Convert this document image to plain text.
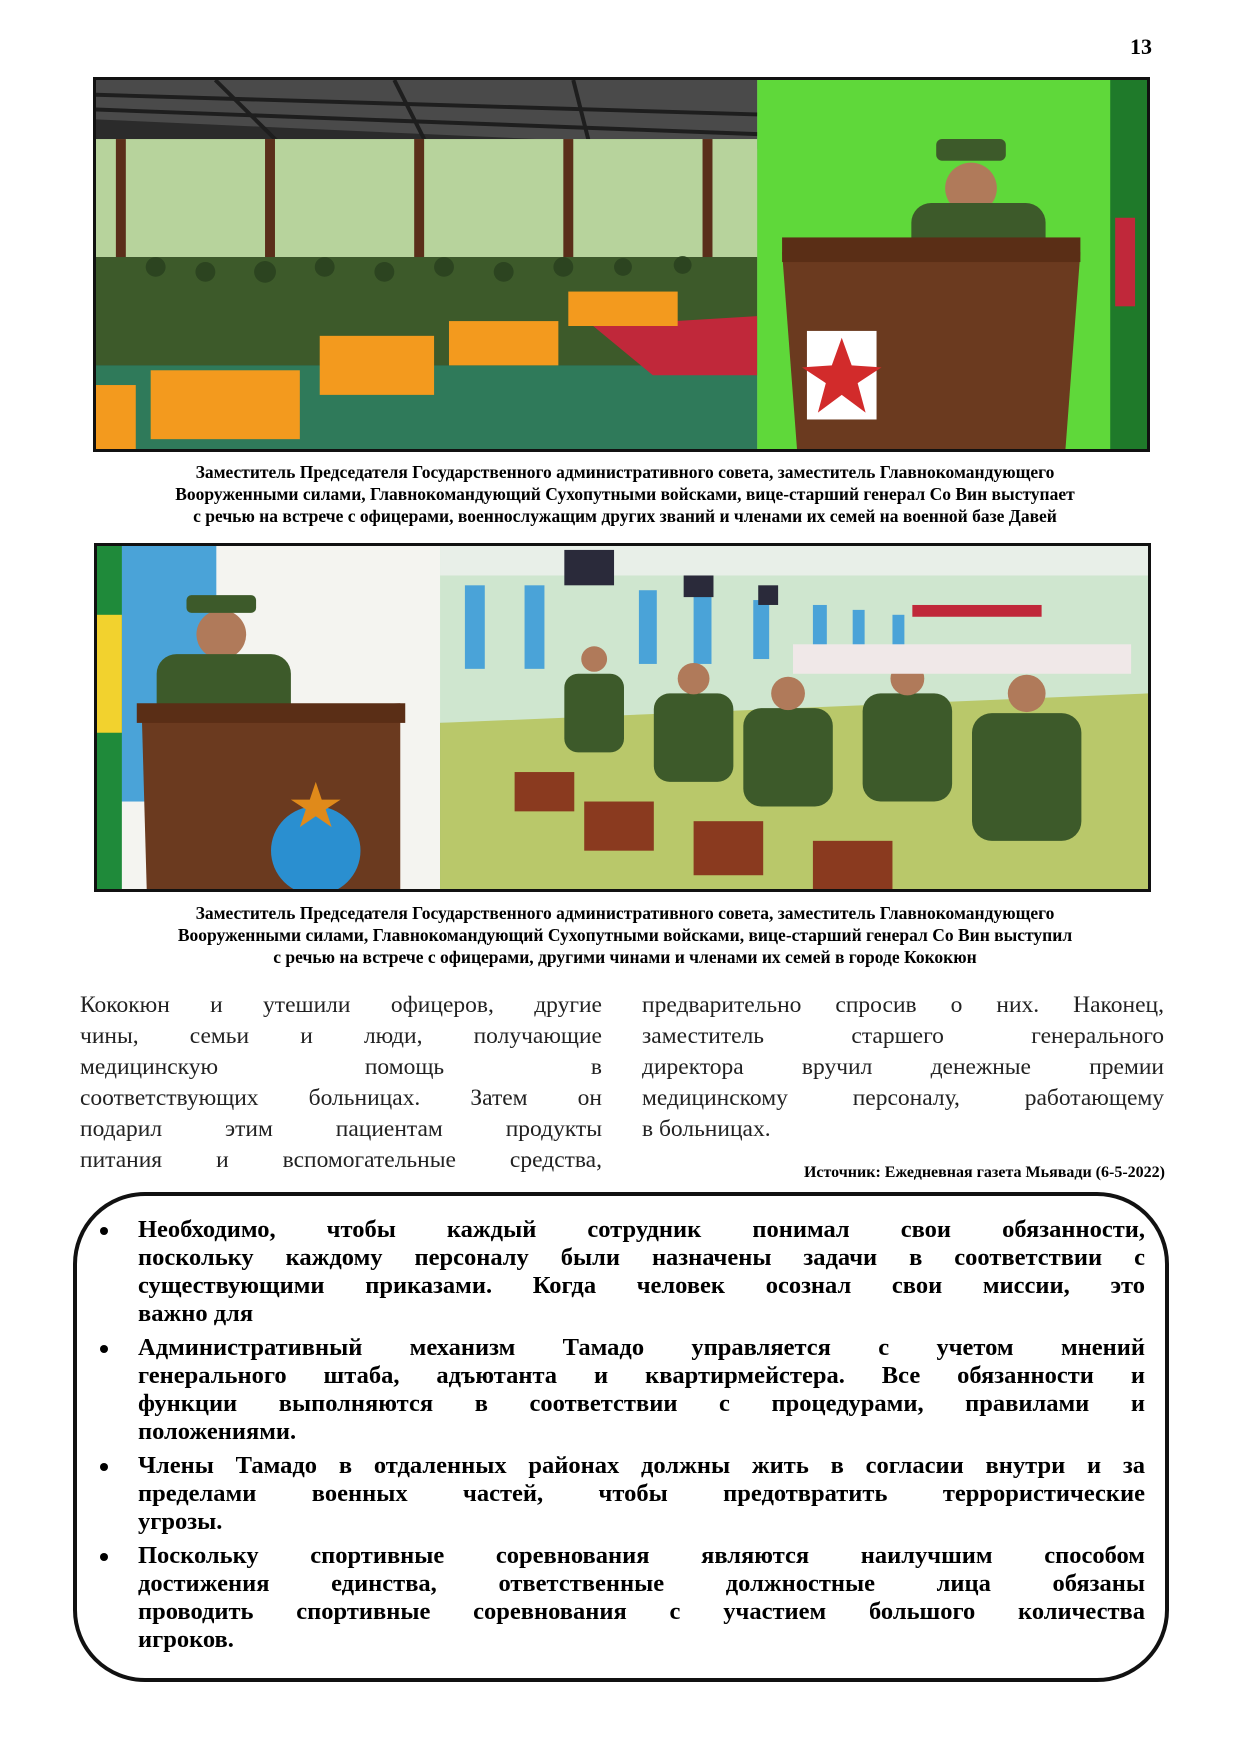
13
Заместитель Председателя Государственного административного совета, заместитель Главнокомандующего
Вооруженными силами, Главнокомандующий Сухопутными войсками, вице-старший генерал Со Вин выступает
с речью на встрече с офицерами, военнослужащим других званий и членами их семей на военной базе Давей
Заместитель Председателя Государственного административного совета, заместитель Главнокомандующего
Вооруженными силами, Главнокомандующий Сухопутными войсками, вице-старший генерал Со Вин выступил
с речью на встрече с офицерами, другими чинами и членами их семей в городе Кококюн
Кококюн и утешили офицеров, другие
чины, семьи и люди, получающие
медицинскую помощь в
соответствующих больницах. Затем он
подарил этим пациентам продукты
питания и вспомогательные средства,
предварительно спросив о них. Наконец,
заместитель старшего генерального
директора вручил денежные премии
медицинскому персоналу, работающему
в больницах.
Источник: Ежедневная газета Мьявади (6-5-2022)
Необходимо, чтобы каждый сотрудник понимал свои обязанности,
поскольку каждому персоналу были назначены задачи в соответствии с
существующими приказами. Когда человек осознал свои миссии, это
важно для
Административный механизм Тамадо управляется с учетом мнений
генерального штаба, адъютанта и квартирмейстера. Все обязанности и
функции выполняются в соответствии с процедурами, правилами и
положениями.
Члены Тамадо в отдаленных районах должны жить в согласии внутри и за
пределами военных частей, чтобы предотвратить террористические
угрозы.
Поскольку спортивные соревнования являются наилучшим способом
достижения единства, ответственные должностные лица обязаны
проводить спортивные соревнования с участием большого количества
игроков.
